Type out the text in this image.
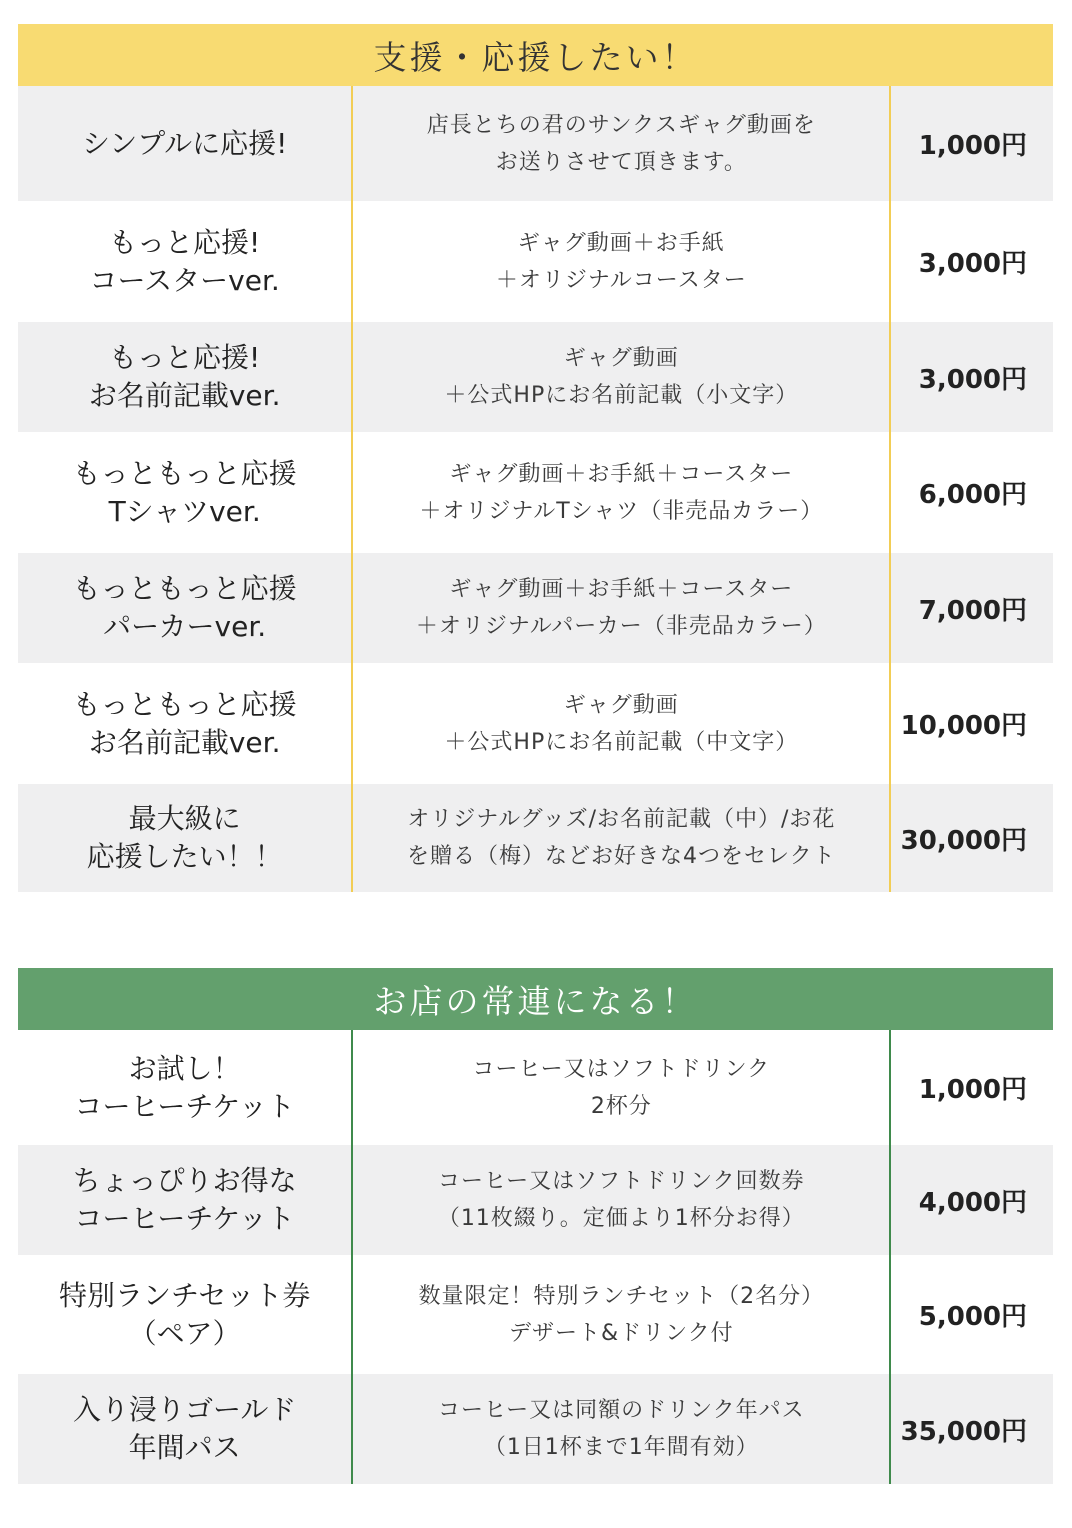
支援・応援したい！
シンプルに応援!
店長とちの君のサンクスギャグ動画を
お送りさせて頂きます。
1,000円
もっと応援!
コースターver.
ギャグ動画＋お手紙
＋オリジナルコースター
3,000円
もっと応援!
お名前記載ver.
ギャグ動画
＋公式HPにお名前記載（小文字）
3,000円
もっともっと応援
Tシャツver.
ギャグ動画＋お手紙＋コースター
＋オリジナルTシャツ（非売品カラー）
6,000円
もっともっと応援
パーカーver.
ギャグ動画＋お手紙＋コースター
＋オリジナルパーカー（非売品カラー）
7,000円
もっともっと応援
お名前記載ver.
ギャグ動画
＋公式HPにお名前記載（中文字）
10,000円
最大級に
応援したい！！
オリジナルグッズ/お名前記載（中）/お花
を贈る（梅）などお好きな4つをセレクト
30,000円
お店の常連になる！
お試し！
コーヒーチケット
コーヒー又はソフトドリンク
2杯分
1,000円
ちょっぴりお得な
コーヒーチケット
コーヒー又はソフトドリンク回数券
（11枚綴り。定価より1杯分お得）
4,000円
特別ランチセット券
（ペア）
数量限定！特別ランチセット（2名分）
デザート&ドリンク付
5,000円
入り浸りゴールド
年間パス
コーヒー又は同額のドリンク年パス
（1日1杯まで1年間有効）
35,000円
